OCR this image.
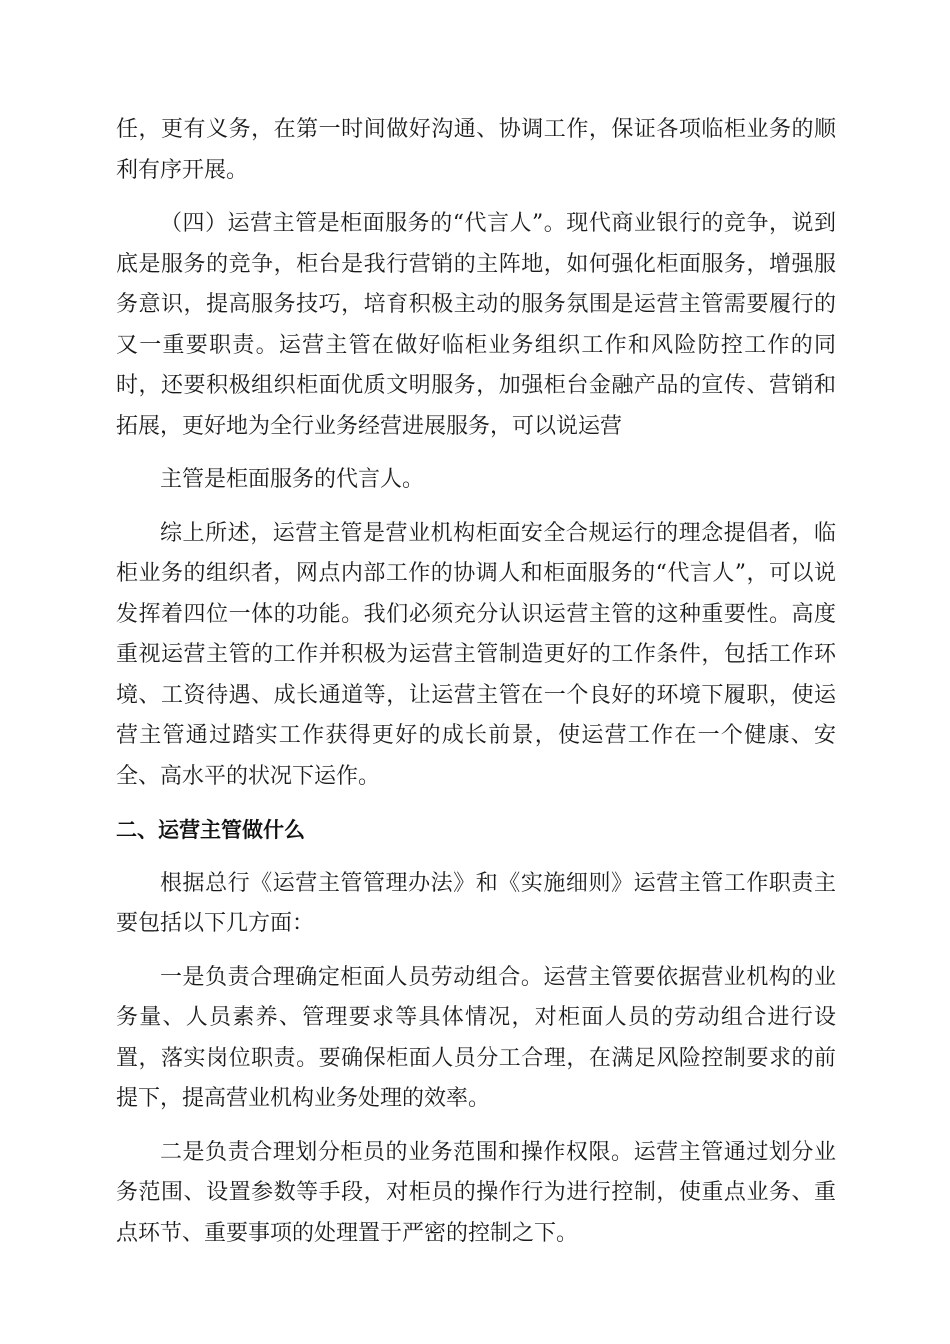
任，更有义务，在第一时间做好沟通、协调工作，保证各项临柜业务的顺利有序开展。

（四）运营主管是柜面服务的“代言人”。现代商业银行的竞争，说到底是服务的竞争，柜台是我行营销的主阵地，如何强化柜面服务，增强服务意识，提高服务技巧，培育积极主动的服务氛围是运营主管需要履行的又一重要职责。运营主管在做好临柜业务组织工作和风险防控工作的同时，还要积极组织柜面优质文明服务，加强柜台金融产品的宣传、营销和拓展，更好地为全行业务经营进展服务，可以说运营

主管是柜面服务的代言人。

综上所述，运营主管是营业机构柜面安全合规运行的理念提倡者，临柜业务的组织者，网点内部工作的协调人和柜面服务的“代言人”，可以说发挥着四位一体的功能。我们必须充分认识运营主管的这种重要性。高度重视运营主管的工作并积极为运营主管制造更好的工作条件，包括工作环境、工资待遇、成长通道等，让运营主管在一个良好的环境下履职，使运营主管通过踏实工作获得更好的成长前景，使运营工作在一个健康、安全、高水平的状况下运作。

二、运营主管做什么

根据总行《运营主管管理办法》和《实施细则》运营主管工作职责主要包括以下几方面：

一是负责合理确定柜面人员劳动组合。运营主管要依据营业机构的业务量、人员素养、管理要求等具体情况，对柜面人员的劳动组合进行设置，落实岗位职责。要确保柜面人员分工合理，在满足风险控制要求的前提下，提高营业机构业务处理的效率。

二是负责合理划分柜员的业务范围和操作权限。运营主管通过划分业务范围、设置参数等手段，对柜员的操作行为进行控制，使重点业务、重点环节、重要事项的处理置于严密的控制之下。
